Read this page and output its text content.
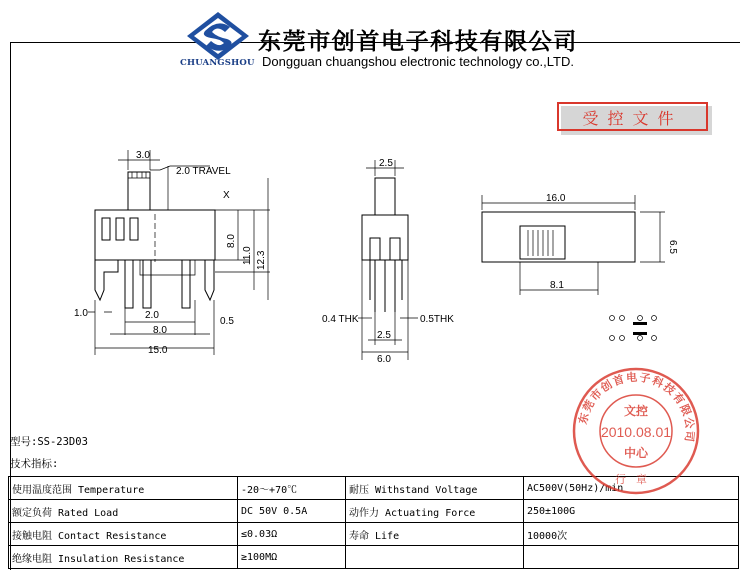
CHUANGSHOU
东莞市创首电子科技有限公司
Dongguan chuangshou electronic technology co.,LTD.
受控文件
3.0
2.0 TRAVEL
X
8.0
11.0 12.3
1.0	2.0
8.0
0.5
15.0
2.5
0.4 THK	0.5THK
2.5
6.0
16.0
6.5
8.1
型号:SS-23D03
技术指标:
使用温度范围 Temperature	-20～+70℃	耐压 Withstand Voltage	AC500V(50Hz)/min
额定负荷 Rated Load	DC 50V 0.5A	动作力 Actuating Force	250±100G
接触电阻 Contact Resistance	≤0.03Ω	寿命 Life	10000次
绝缘电阻 Insulation Resistance	≥100MΩ		
东莞市创首电子科技有限公司
文控
2010.08.01
中心
行章
